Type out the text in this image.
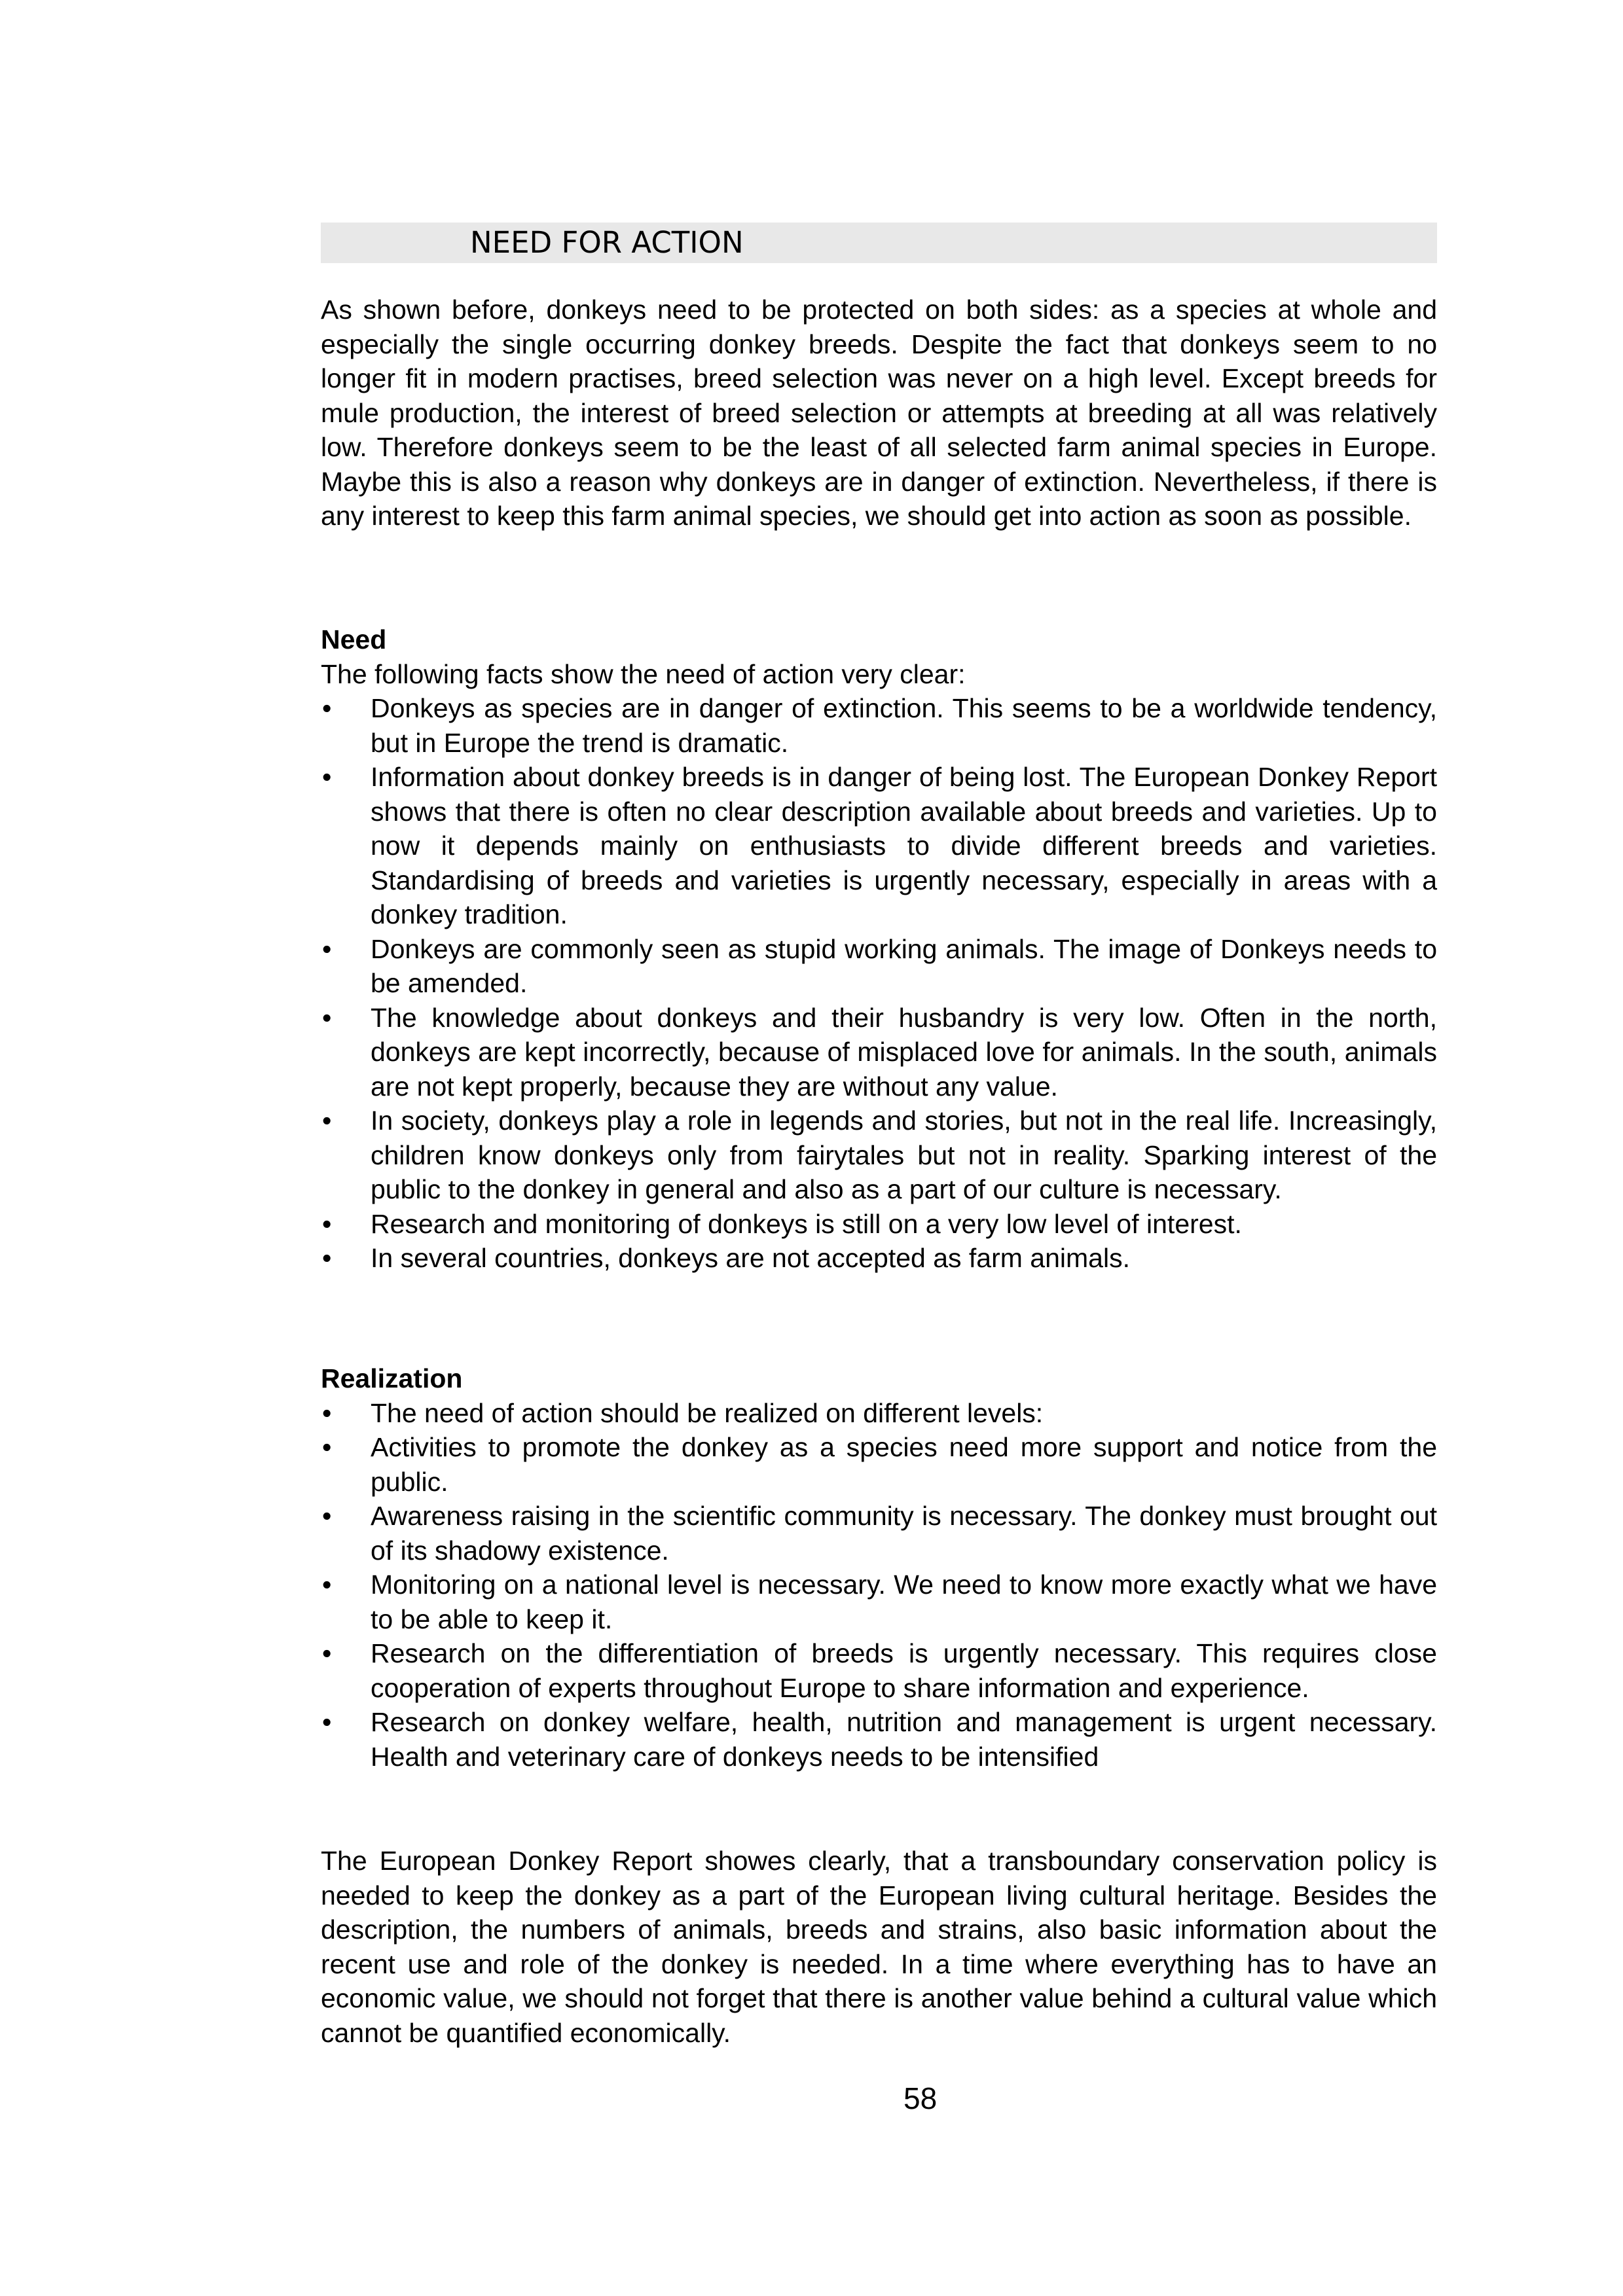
NEED FOR ACTION

As shown before, donkeys need to be protected on both sides: as a species at whole and especially the single occurring donkey breeds. Despite the fact that donkeys seem to no longer fit in modern practises, breed selection was never on a high level. Except breeds for mule production, the interest of breed selection or attempts at breeding at all was relatively low. Therefore donkeys seem to be the least of all selected farm animal species in Europe. Maybe this is also a reason why donkeys are in danger of extinction. Nevertheless, if there is any interest to keep this farm animal species, we should get into action as soon as possible.

Need

The following facts show the need of action very clear:

• Donkeys as species are in danger of extinction. This seems to be a worldwide tendency, but in Europe the trend is dramatic.
• Information about donkey breeds is in danger of being lost. The European Donkey Report shows that there is often no clear description available about breeds and varieties. Up to now it depends mainly on enthusiasts to divide different breeds and varieties. Standardising of breeds and varieties is urgently necessary, especially in areas with a donkey tradition.
• Donkeys are commonly seen as stupid working animals. The image of Donkeys needs to be amended.
• The knowledge about donkeys and their husbandry is very low. Often in the north, donkeys are kept incorrectly, because of misplaced love for animals. In the south, animals are not kept properly, because they are without any value.
• In society, donkeys play a role in legends and stories, but not in the real life. Increasingly, children know donkeys only from fairytales but not in reality. Sparking interest of the public to the donkey in general and also as a part of our culture is necessary.
• Research and monitoring of donkeys is still on a very low level of interest.
• In several countries, donkeys are not accepted as farm animals.

Realization

• The need of action should be realized on different levels:
• Activities to promote the donkey as a species need more support and notice from the public.
• Awareness raising in the scientific community is necessary. The donkey must brought out of its shadowy existence.
• Monitoring on a national level is necessary. We need to know more exactly what we have to be able to keep it.
• Research on the differentiation of breeds is urgently necessary. This requires close cooperation of experts throughout Europe to share information and experience.
• Research on donkey welfare, health, nutrition and management is urgent necessary. Health and veterinary care of donkeys needs to be intensified

The European Donkey Report showes clearly, that a transboundary conservation policy is needed to keep the donkey as a part of the European living cultural heritage. Besides the description, the numbers of animals, breeds and strains, also basic information about the recent use and role of the donkey is needed. In a time where everything has to have an economic value, we should not forget that there is another value behind a cultural value which cannot be quantified economically.

58
